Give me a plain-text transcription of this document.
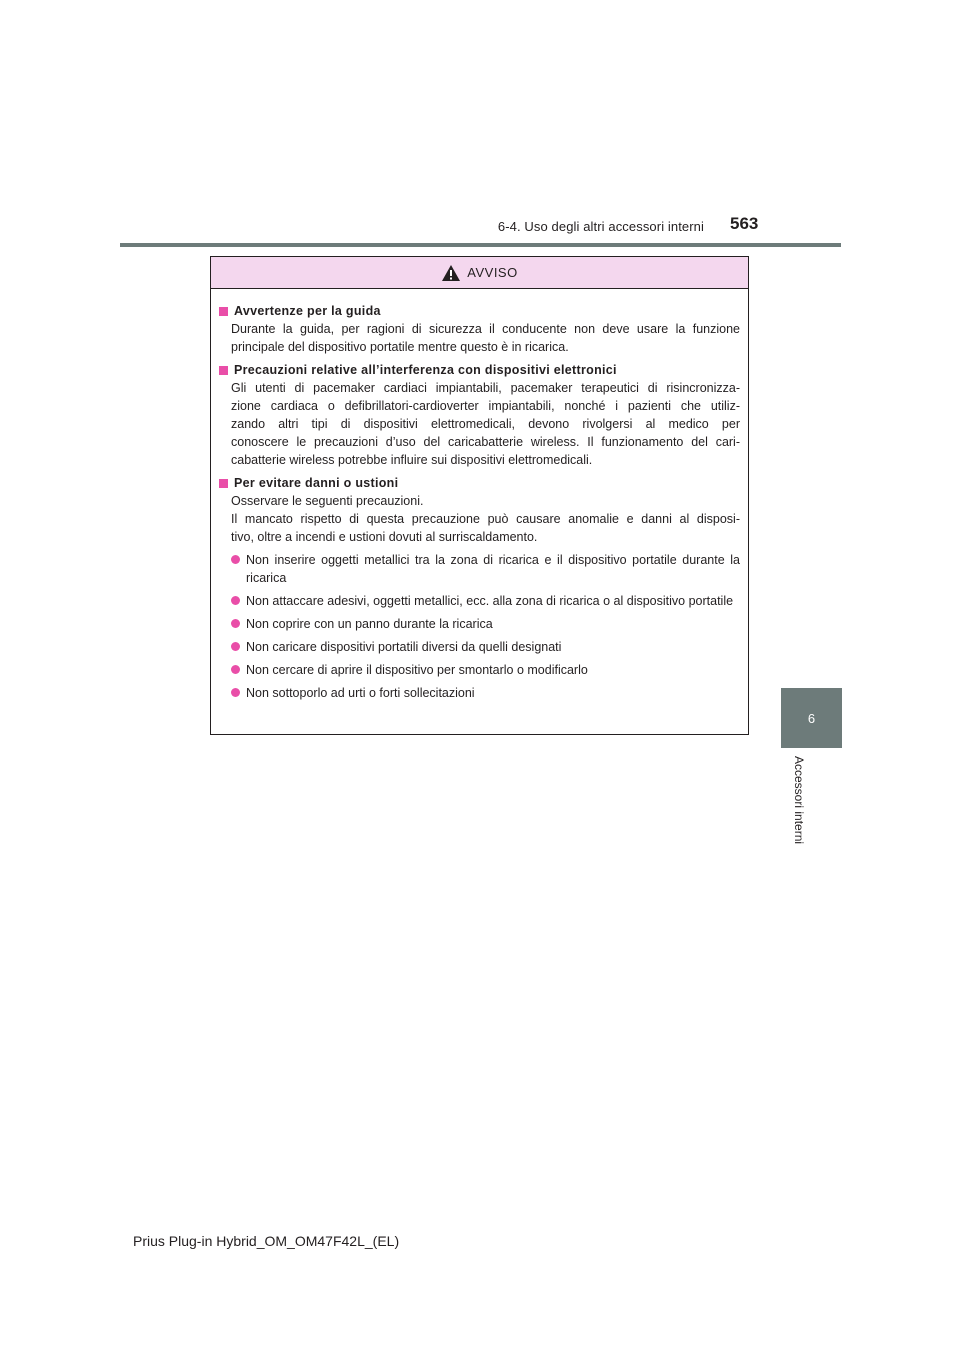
6-4. Uso degli altri accessori interni 563
6
Accessori interni
AVVISO
Avvertenze per la guida
Durante la guida, per ragioni di sicurezza il conducente non deve usare la funzione
principale del dispositivo portatile mentre questo è in ricarica.
Precauzioni relative all’interferenza con dispositivi elettronici
Gli utenti di pacemaker cardiaci impiantabili, pacemaker terapeutici di risincronizza-
zione cardiaca o defibrillatori-cardioverter impiantabili, nonché i pazienti che utiliz-
zando altri tipi di dispositivi elettromedicali, devono rivolgersi al medico per
conoscere le precauzioni d’uso del caricabatterie wireless. Il funzionamento del cari-
cabatterie wireless potrebbe influire sui dispositivi elettromedicali.
Per evitare danni o ustioni
Osservare le seguenti precauzioni.
Il mancato rispetto di questa precauzione può causare anomalie e danni al disposi-
tivo, oltre a incendi e ustioni dovuti al surriscaldamento.
Non inserire oggetti metallici tra la zona di ricarica e il dispositivo portatile durante la ricarica
Non attaccare adesivi, oggetti metallici, ecc. alla zona di ricarica o al dispositivo portatile
Non coprire con un panno durante la ricarica
Non caricare dispositivi portatili diversi da quelli designati
Non cercare di aprire il dispositivo per smontarlo o modificarlo
Non sottoporlo ad urti o forti sollecitazioni
Prius Plug-in Hybrid_OM_OM47F42L_(EL)
